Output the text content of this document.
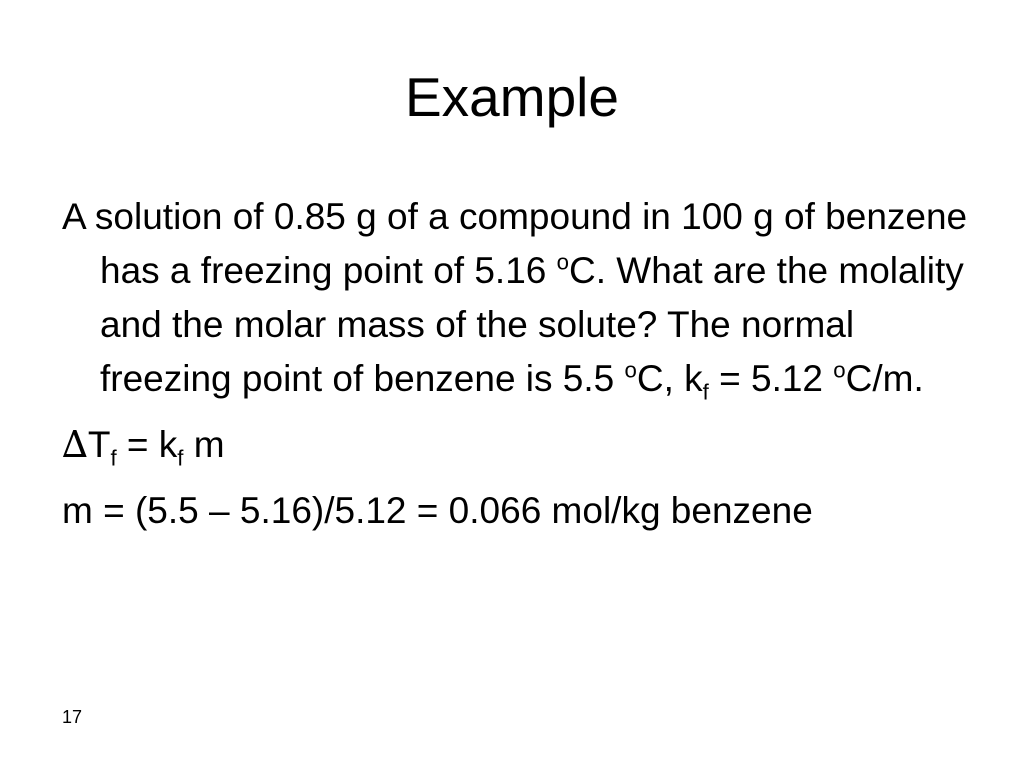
Example

A solution of 0.85 g of a compound in 100 g of benzene has a freezing point of 5.16 $^o$C. What are the molality and the molar mass of the solute? The normal freezing point of benzene is 5.5 $^o$C, $k_f = 5.12$ $^o$C/m.

$\Delta T_f = k_f$ m

m = (5.5 – 5.16)/5.12 = 0.066 mol/kg benzene

17
